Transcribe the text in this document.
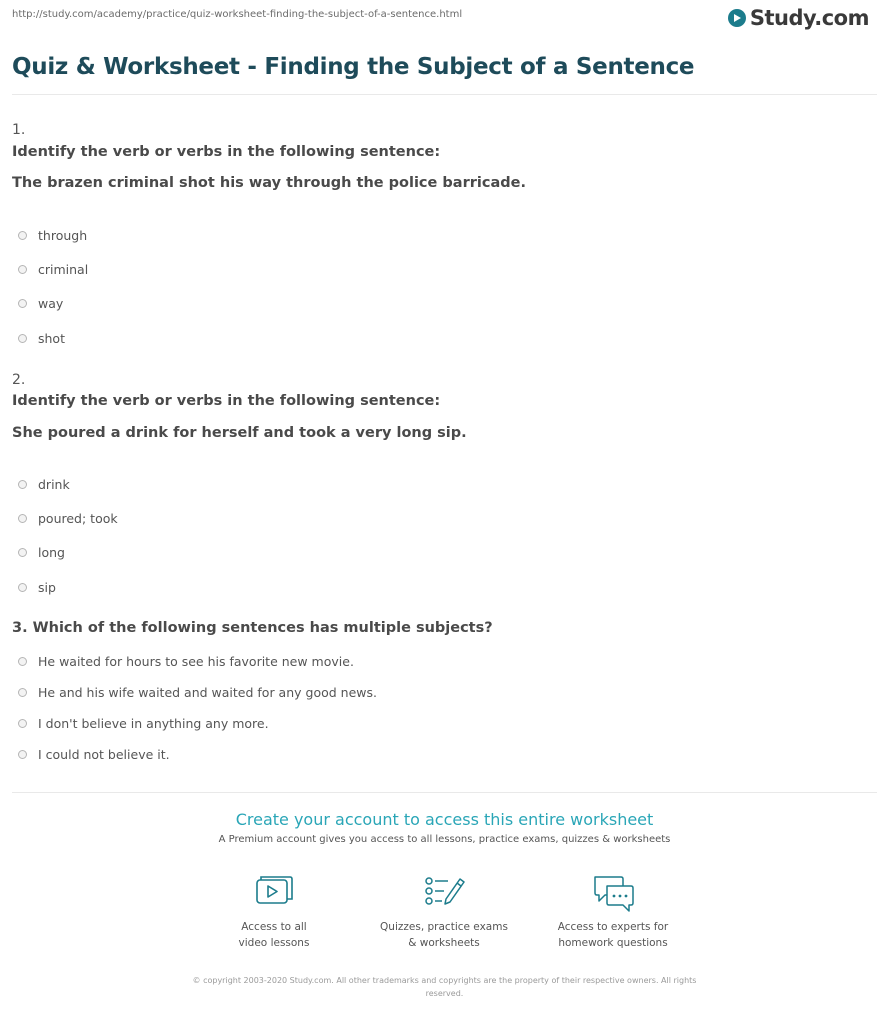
http://study.com/academy/practice/quiz-worksheet-finding-the-subject-of-a-sentence.html	Study.com
Quiz & Worksheet - Finding the Subject of a Sentence
1.
Identify the verb or verbs in the following sentence:
The brazen criminal shot his way through the police barricade.
through
criminal
way
shot
2.
Identify the verb or verbs in the following sentence:
She poured a drink for herself and took a very long sip.
drink
poured; took
long
sip
3. Which of the following sentences has multiple subjects?
He waited for hours to see his favorite new movie.
He and his wife waited and waited for any good news.
I don't believe in anything any more.
I could not believe it.
Create your account to access this entire worksheet
A Premium account gives you access to all lessons, practice exams, quizzes & worksheets
Access to all
video lessons
Quizzes, practice exams
& worksheets
Access to experts for
homework questions
© copyright 2003-2020 Study.com. All other trademarks and copyrights are the property of their respective owners. All rights
reserved.
